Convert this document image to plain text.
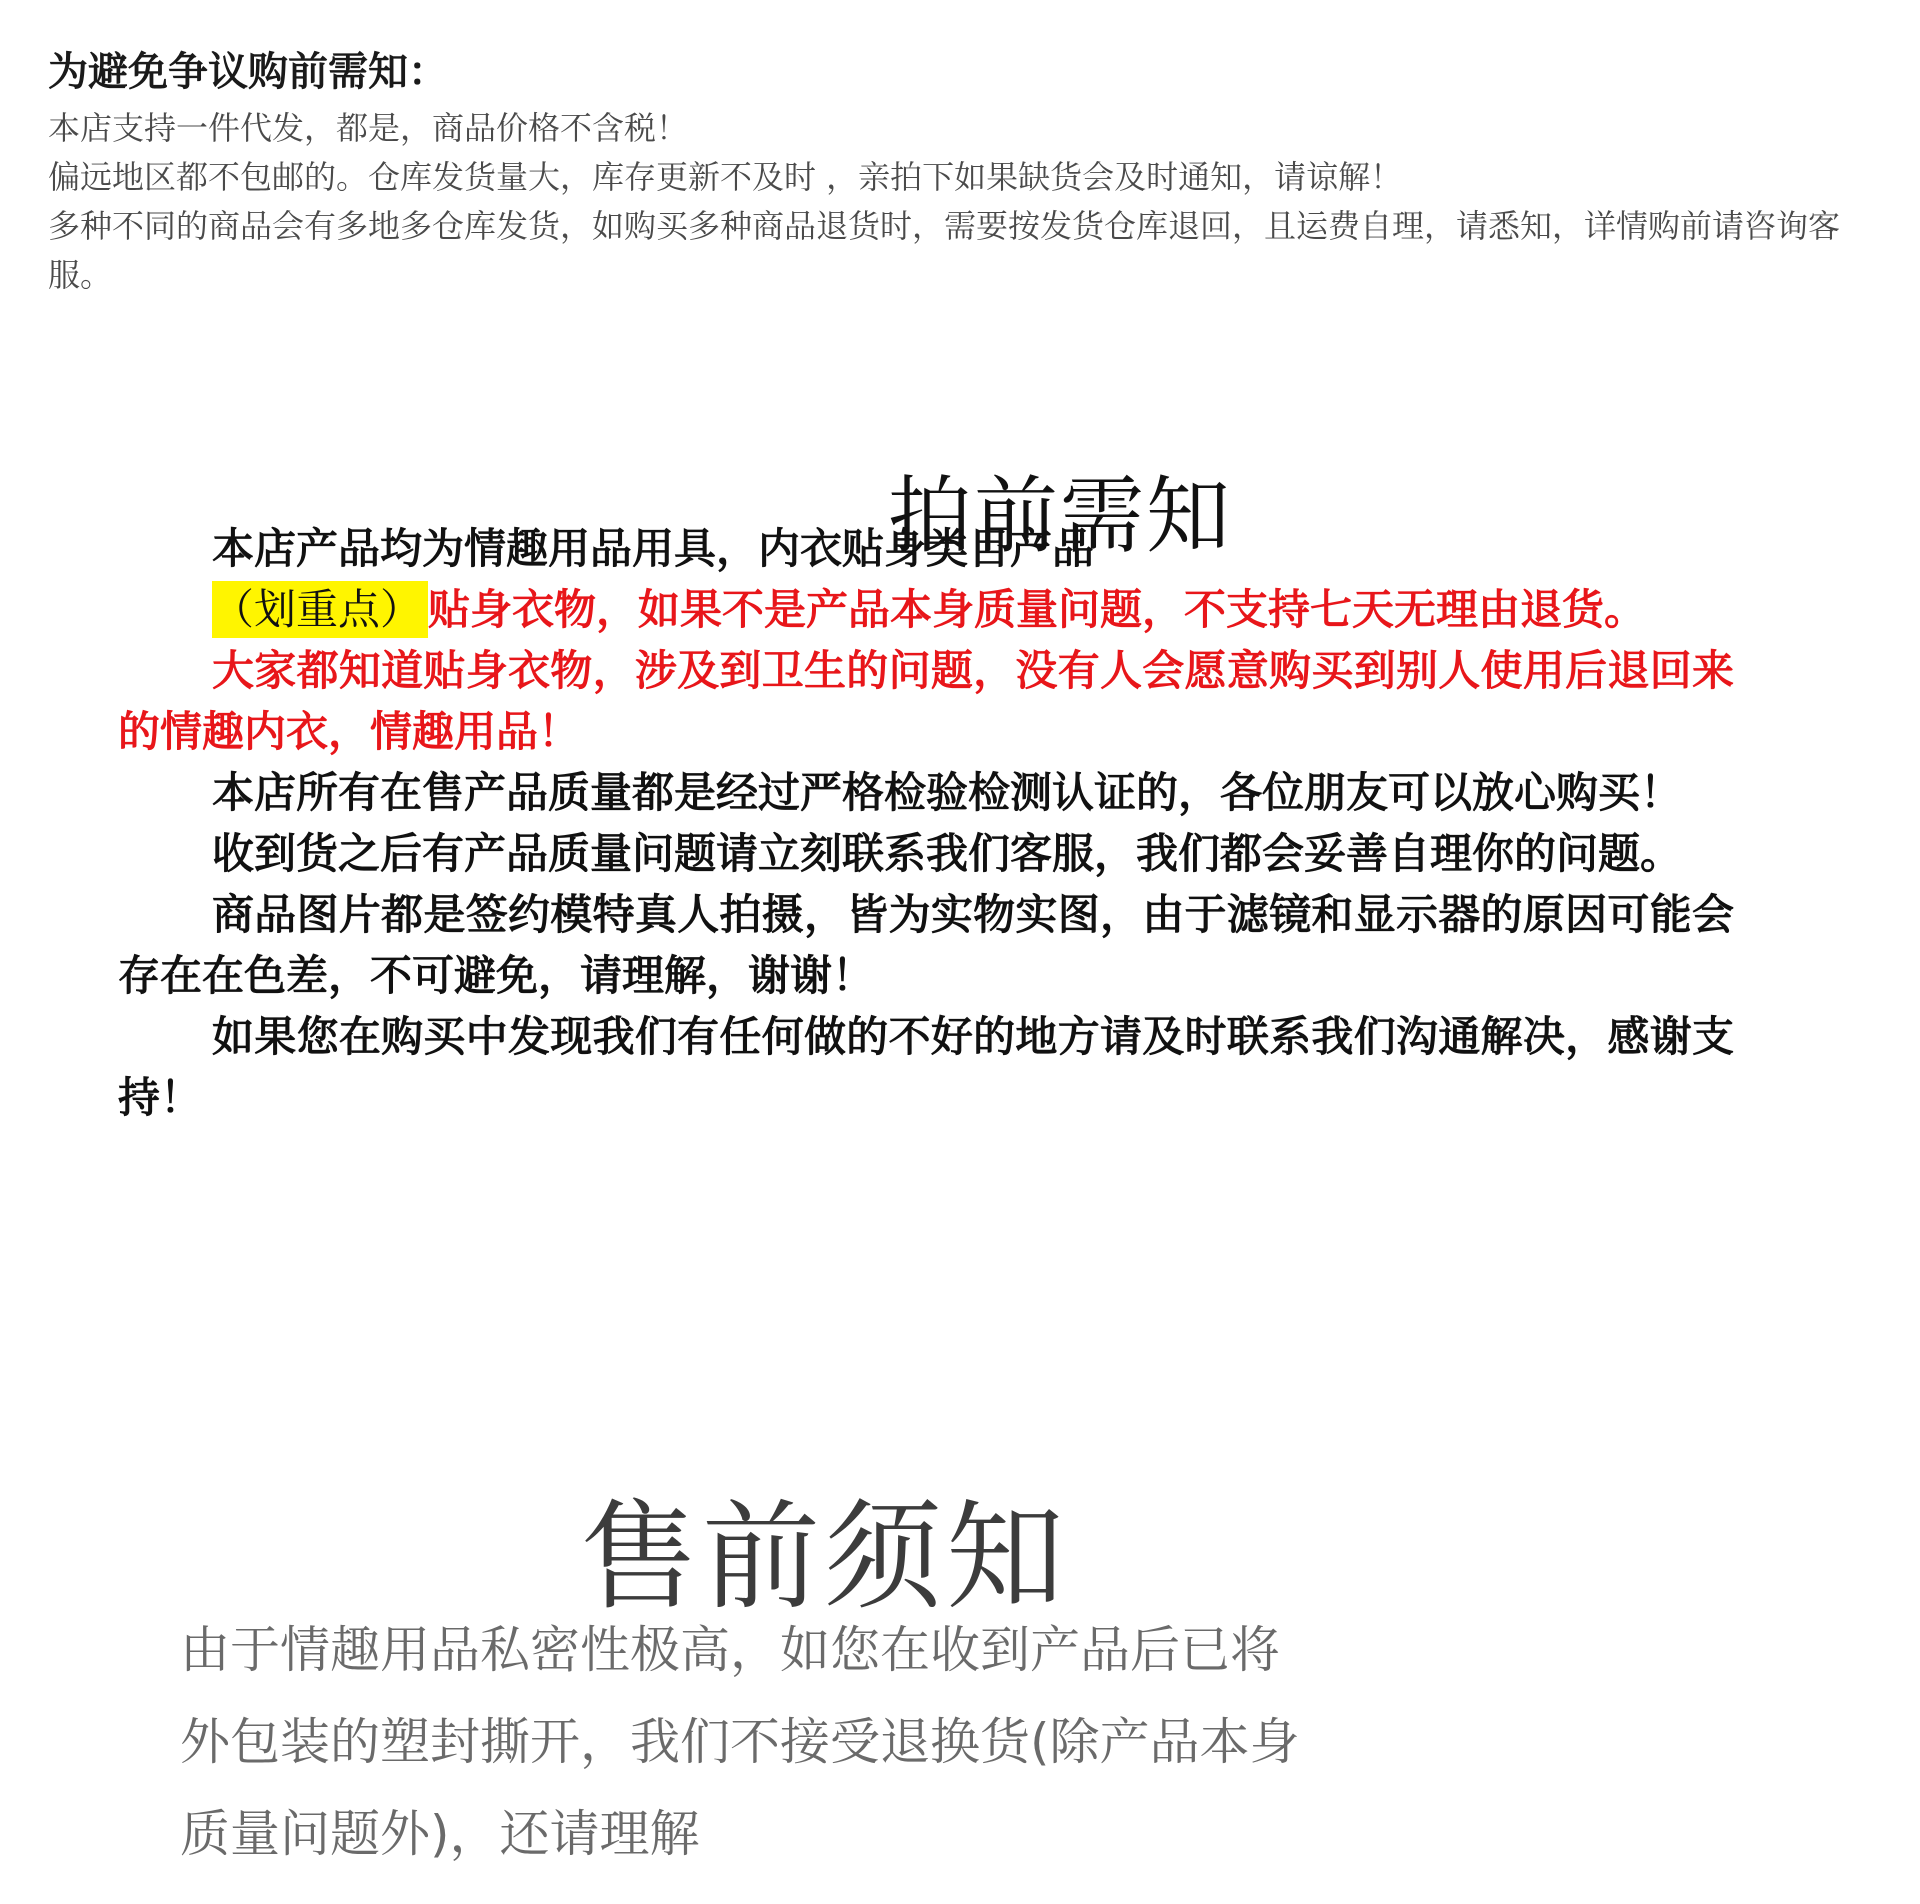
为避免争议购前需知：

本店支持一件代发，都是，商品价格不含税！

偏远地区都不包邮的。仓库发货量大，库存更新不及时 ，亲拍下如果缺货会及时通知，请谅解！

多种不同的商品会有多地多仓库发货，如购买多种商品退货时，需要按发货仓库退回，且运费自理，请悉知，详情购前请咨询客服。

拍前需知

本店产品均为情趣用品用具，内衣贴身类目产品

（划重点） 贴身衣物，如果不是产品本身质量问题，不支持七天无理由退货。

大家都知道贴身衣物，涉及到卫生的问题，没有人会愿意购买到别人使用后退回来的情趣内衣，情趣用品！

本店所有在售产品质量都是经过严格检验检测认证的，各位朋友可以放心购买！

收到货之后有产品质量问题请立刻联系我们客服，我们都会妥善自理你的问题。

商品图片都是签约模特真人拍摄，皆为实物实图，由于滤镜和显示器的原因可能会存在在色差，不可避免，请理解，谢谢！

如果您在购买中发现我们有任何做的不好的地方请及时联系我们沟通解决，感谢支持！

售前须知

由于情趣用品私密性极高，如您在收到产品后已将

外包装的塑封撕开，我们不接受退换货(除产品本身

质量问题外)，还请理解
